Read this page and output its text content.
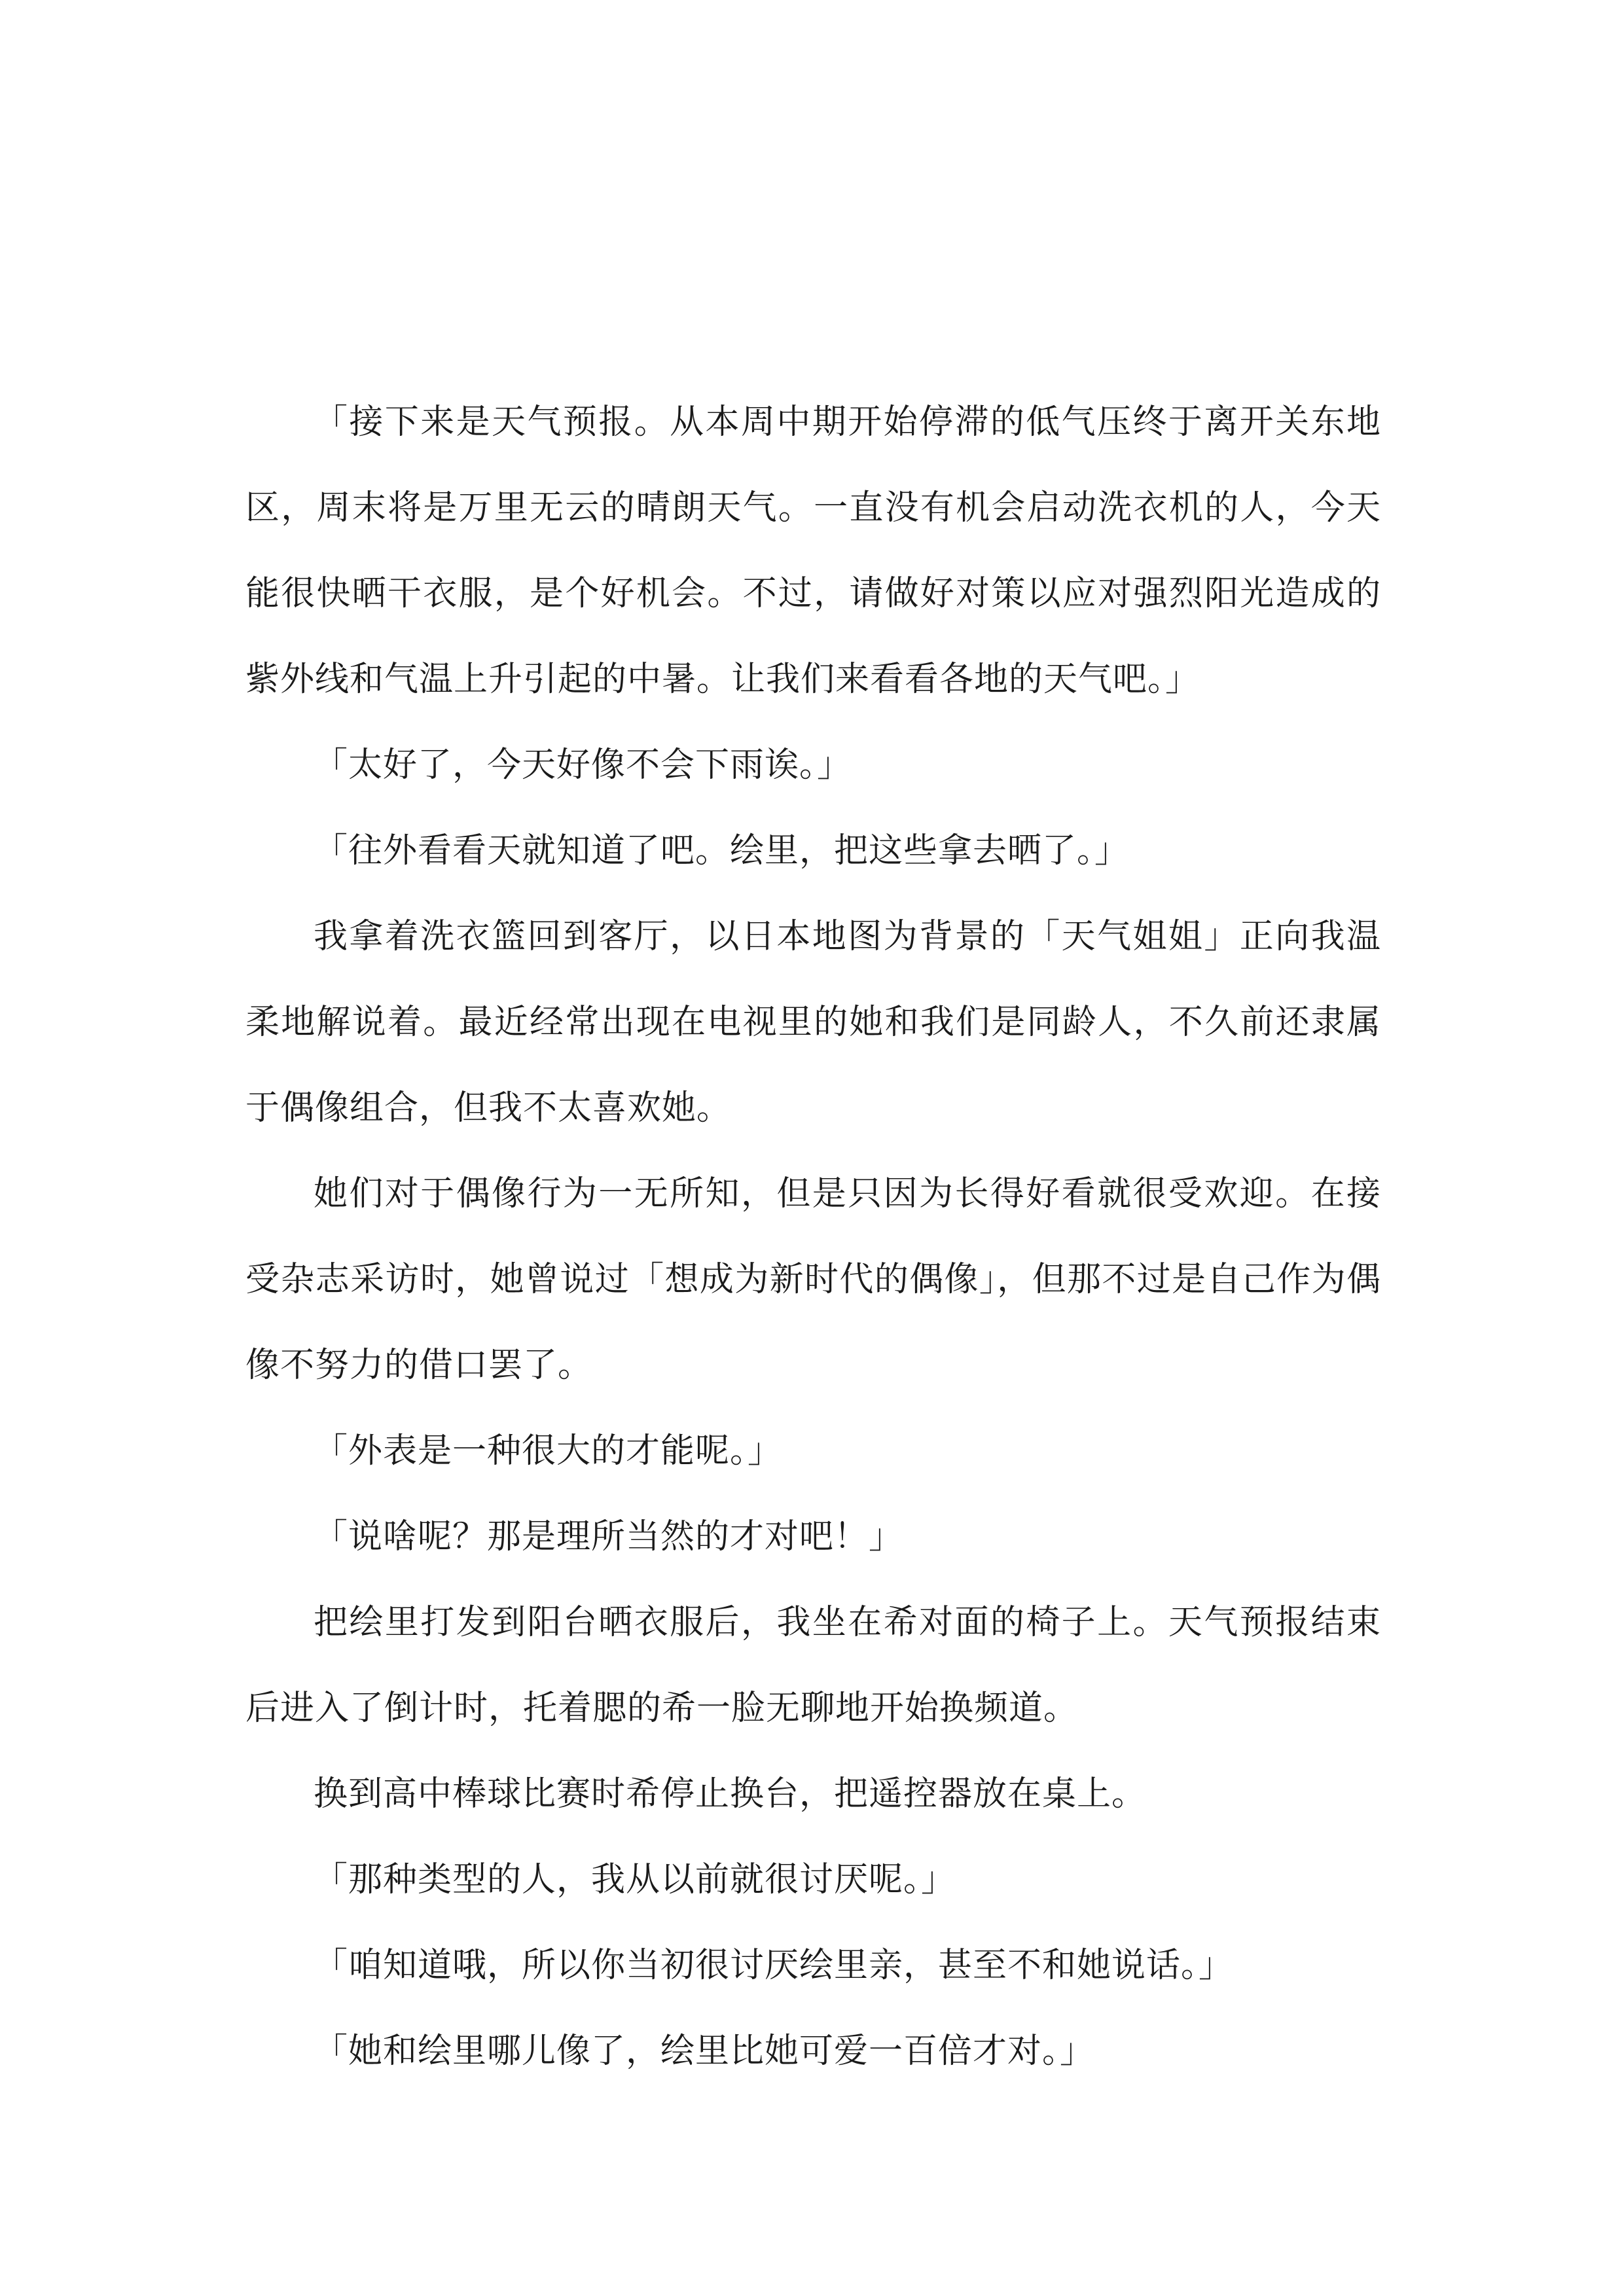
「接下来是天气预报。从本周中期开始停滞的低气压终于离开关东地区，周末将是万里无云的晴朗天气。一直没有机会启动洗衣机的人，今天能很快晒干衣服，是个好机会。不过，请做好对策以应对强烈阳光造成的紫外线和气温上升引起的中暑。让我们来看看各地的天气吧。」

「太好了，今天好像不会下雨诶。」

「往外看看天就知道了吧。绘里，把这些拿去晒了。」

我拿着洗衣篮回到客厅，以日本地图为背景的「天气姐姐」正向我温柔地解说着。最近经常出现在电视里的她和我们是同龄人，不久前还隶属于偶像组合，但我不太喜欢她。

她们对于偶像行为一无所知，但是只因为长得好看就很受欢迎。在接受杂志采访时，她曾说过「想成为新时代的偶像」，但那不过是自己作为偶像不努力的借口罢了。

「外表是一种很大的才能呢。」

「说啥呢？那是理所当然的才对吧！」

把绘里打发到阳台晒衣服后，我坐在希对面的椅子上。天气预报结束后进入了倒计时，托着腮的希一脸无聊地开始换频道。

换到高中棒球比赛时希停止换台，把遥控器放在桌上。

「那种类型的人，我从以前就很讨厌呢。」

「咱知道哦，所以你当初很讨厌绘里亲，甚至不和她说话。」

「她和绘里哪儿像了，绘里比她可爱一百倍才对。」
